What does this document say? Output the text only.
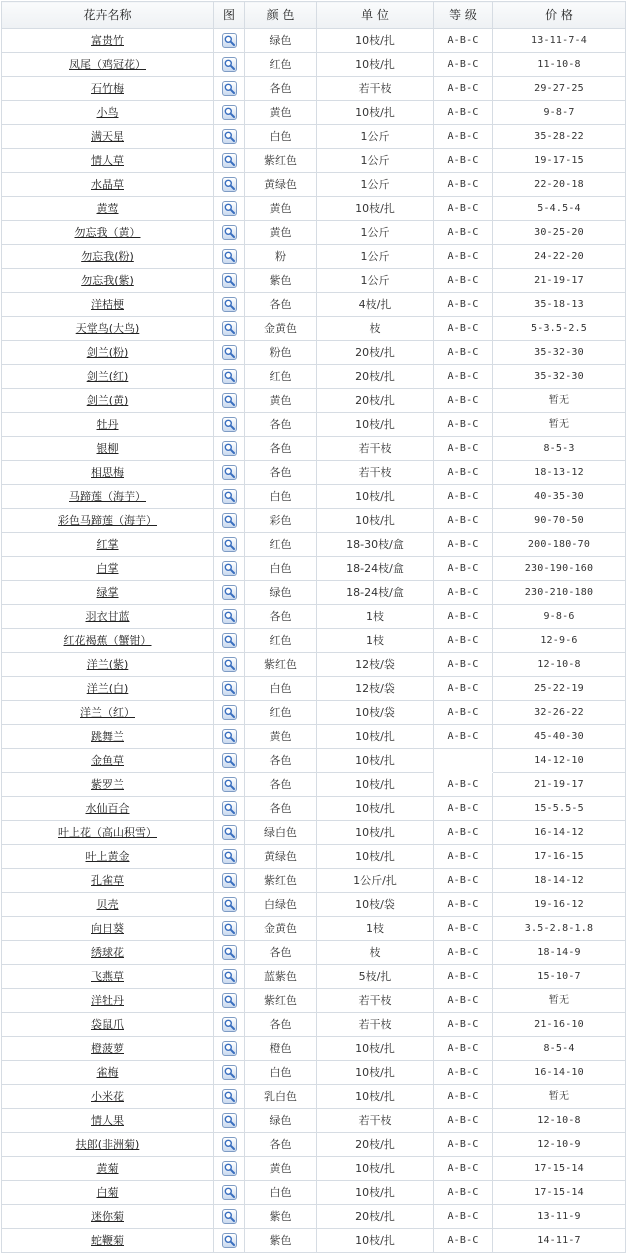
花卉名称	图	颜 色	单 位	等 级	价 格
富贵竹		绿色	10枝/扎	A-B-C	13-11-7-4
凤尾（鸡冠花）		红色	10枝/扎	A-B-C	11-10-8
石竹梅		各色	若干枝	A-B-C	29-27-25
小鸟		黄色	10枝/扎	A-B-C	9-8-7
满天星		白色	1公斤	A-B-C	35-28-22
情人草		紫红色	1公斤	A-B-C	19-17-15
水晶草		黄绿色	1公斤	A-B-C	22-20-18
黄莺		黄色	10枝/扎	A-B-C	5-4.5-4
勿忘我（黄）		黄色	1公斤	A-B-C	30-25-20
勿忘我(粉)		粉	1公斤	A-B-C	24-22-20
勿忘我(紫)		紫色	1公斤	A-B-C	21-19-17
洋桔梗		各色	4枝/扎	A-B-C	35-18-13
天堂鸟(大鸟)		金黄色	枝	A-B-C	5-3.5-2.5
剑兰(粉)		粉色	20枝/扎	A-B-C	35-32-30
剑兰(红)		红色	20枝/扎	A-B-C	35-32-30
剑兰(黄)		黄色	20枝/扎	A-B-C	暂无
牡丹		各色	10枝/扎	A-B-C	暂无
银柳		各色	若干枝	A-B-C	8-5-3
相思梅		各色	若干枝	A-B-C	18-13-12
马蹄莲（海芋）		白色	10枝/扎	A-B-C	40-35-30
彩色马蹄莲（海芋）		彩色	10枝/扎	A-B-C	90-70-50
红掌		红色	18-30枝/盒	A-B-C	200-180-70
白掌		白色	18-24枝/盒	A-B-C	230-190-160
绿掌		绿色	18-24枝/盒	A-B-C	230-210-180
羽衣甘蓝		各色	1枝	A-B-C	9-8-6
红花褐蕉（蟹钳）		红色	1枝	A-B-C	12-9-6
洋兰(紫)		紫红色	12枝/袋	A-B-C	12-10-8
洋兰(白)		白色	12枝/袋	A-B-C	25-22-19
洋兰（红）		红色	10枝/袋	A-B-C	32-26-22
跳舞兰		黄色	10枝/扎	A-B-C	45-40-30
金鱼草		各色	10枝/扎		14-12-10
紫罗兰		各色	10枝/扎	A-B-C	21-19-17
水仙百合		各色	10枝/扎	A-B-C	15-5.5-5
叶上花（高山积雪）		绿白色	10枝/扎	A-B-C	16-14-12
叶上黄金		黄绿色	10枝/扎	A-B-C	17-16-15
孔雀草		紫红色	1公斤/扎	A-B-C	18-14-12
贝壳		白绿色	10枝/袋	A-B-C	19-16-12
向日葵		金黄色	1枝	A-B-C	3.5-2.8-1.8
绣球花		各色	枝	A-B-C	18-14-9
飞燕草		蓝紫色	5枝/扎	A-B-C	15-10-7
洋牡丹		紫红色	若干枝	A-B-C	暂无
袋鼠爪		各色	若干枝	A-B-C	21-16-10
橙菠萝		橙色	10枝/扎	A-B-C	8-5-4
雀梅		白色	10枝/扎	A-B-C	16-14-10
小米花		乳白色	10枝/扎	A-B-C	暂无
情人果		绿色	若干枝	A-B-C	12-10-8
扶郎(非洲菊)		各色	20枝/扎	A-B-C	12-10-9
黄菊		黄色	10枝/扎	A-B-C	17-15-14
白菊		白色	10枝/扎	A-B-C	17-15-14
迷你菊		紫色	20枝/扎	A-B-C	13-11-9
蛇鞭菊		紫色	10枝/扎	A-B-C	14-11-7
